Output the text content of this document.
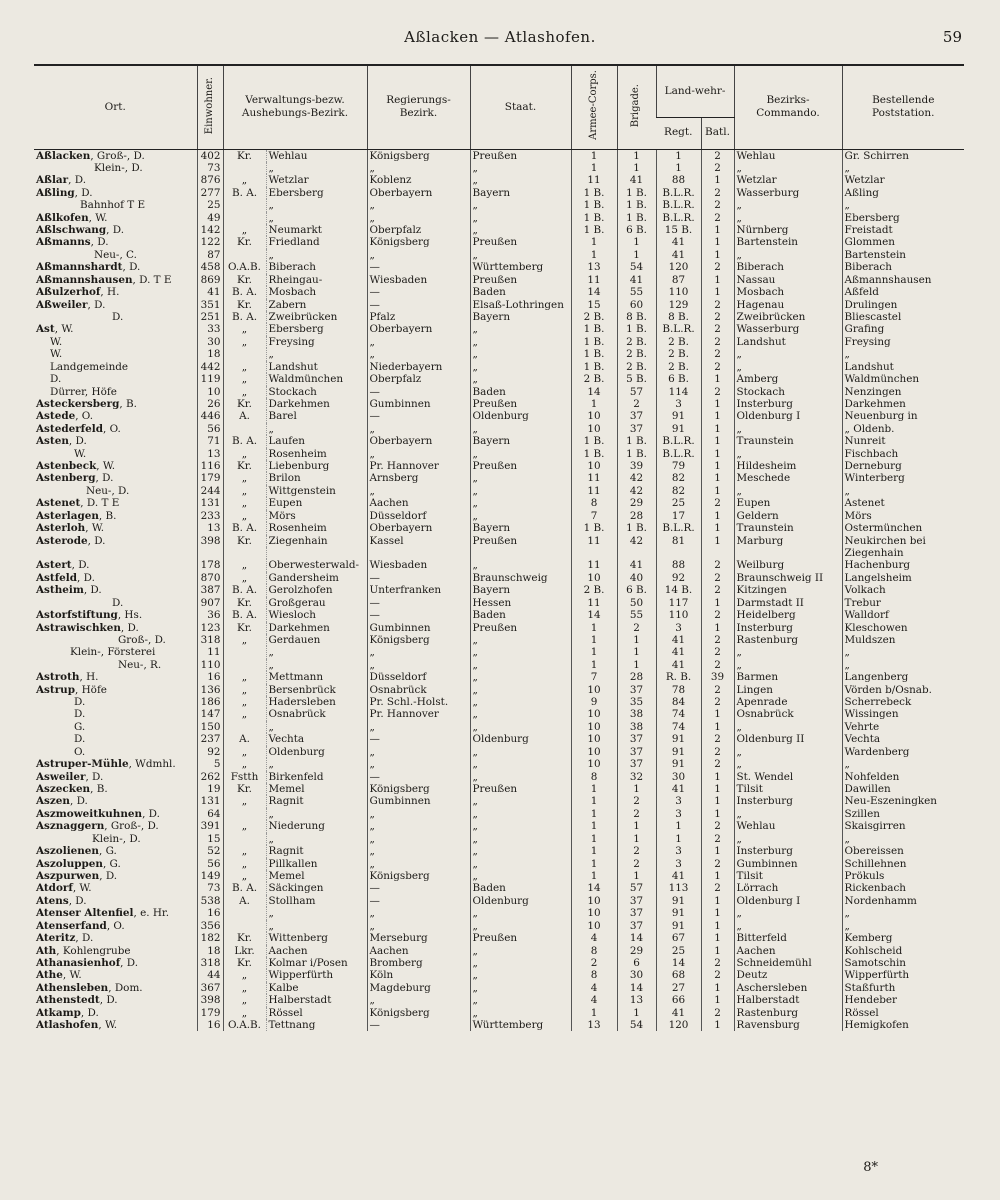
Aßlacken — Atlashofen.	59
Ort.	Einwohner.	Verwaltungs-bezw. Aushebungs-Bezirk.		Regierungs-Bezirk.	Staat.	Armee-Corps.	Brigade.	Land-wehr-		Bezirks-Commando.	Bestellende Poststation.
								Regt.	Batl.		
Aßlacken, Groß-, D.	402	Kr.	Wehlau	Königsberg	Preußen	1	1	1	2	Wehlau	Gr. Schirren
Klein-, D.	73		„	„	„	1	1	1	2	„	„
Aßlar, D.	876	„	Wetzlar	Koblenz	„	11	41	88	1	Wetzlar	Wetzlar
Aßling, D.	277	B. A.	Ebersberg	Oberbayern	Bayern	1 B.	1 B.	B.L.R.	2	Wasserburg	Aßling
Bahnhof T E	25		„	„	„	1 B.	1 B.	B.L.R.	2	„	„
Aßlkofen, W.	49		„	„	„	1 B.	1 B.	B.L.R.	2	„	Ebersberg
Aßlschwang, D.	142	„	Neumarkt	Oberpfalz	„	1 B.	6 B.	15 B.	1	Nürnberg	Freistadt
Aßmanns, D.	122	Kr.	Friedland	Königsberg	Preußen	1	1	41	1	Bartenstein	Glommen
Neu-, C.	87		„	„	„	1	1	41	1	„	Bartenstein
Aßmannshardt, D.	458	O.A.B.	Biberach	—	Württemberg	13	54	120	2	Biberach	Biberach
Aßmannshausen, D. T E	869	Kr.	Rheingau-	Wiesbaden	Preußen	11	41	87	1	Nassau	Aßmannshausen
Aßulzerhof, H.	41	B. A.	Mosbach	—	Baden	14	55	110	1	Mosbach	Aßfeld
Aßweiler, D.	351	Kr.	Zabern	—	Elsaß-Lothringen	15	60	129	2	Hagenau	Drulingen
D.	251	B. A.	Zweibrücken	Pfalz	Bayern	2 B.	8 B.	8 B.	2	Zweibrücken	Bliescastel
Ast, W.	33	„	Ebersberg	Oberbayern	„	1 B.	1 B.	B.L.R.	2	Wasserburg	Grafing
W.	30	„	Freysing	„	„	1 B.	2 B.	2 B.	2	Landshut	Freysing
W.	18		„	„	„	1 B.	2 B.	2 B.	2	„	„
Landgemeinde	442	„	Landshut	Niederbayern	„	1 B.	2 B.	2 B.	2	„	Landshut
D.	119	„	Waldmünchen	Oberpfalz	„	2 B.	5 B.	6 B.	1	Amberg	Waldmünchen
Dürrer, Höfe	10	„	Stockach	—	Baden	14	57	114	2	Stockach	Nenzingen
Asteckersberg, B.	26	Kr.	Darkehmen	Gumbinnen	Preußen	1	2	3	1	Insterburg	Darkehmen
Astede, O.	446	A.	Barel	—	Oldenburg	10	37	91	1	Oldenburg I	Neuenburg in
Astederfeld, O.	56		„	„	„	10	37	91	1	„	„ Oldenb.
Asten, D.	71	B. A.	Laufen	Oberbayern	Bayern	1 B.	1 B.	B.L.R.	1	Traunstein	Nunreit
W.	13	„	Rosenheim	„	„	1 B.	1 B.	B.L.R.	1	„	Fischbach
Astenbeck, W.	116	Kr.	Liebenburg	Pr. Hannover	Preußen	10	39	79	1	Hildesheim	Derneburg
Astenberg, D.	179	„	Brilon	Arnsberg	„	11	42	82	1	Meschede	Winterberg
Neu-, D.	244	„	Wittgenstein	„	„	11	42	82	1	„	„
Astenet, D. T E	131	„	Eupen	Aachen	„	8	29	25	2	Eupen	Astenet
Asterlagen, B.	233	„	Mörs	Düsseldorf	„	7	28	17	1	Geldern	Mörs
Asterloh, W.	13	B. A.	Rosenheim	Oberbayern	Bayern	1 B.	1 B.	B.L.R.	1	Traunstein	Ostermünchen
Asterode, D.	398	Kr.	Ziegenhain	Kassel	Preußen	11	42	81	1	Marburg	Neukirchen bei
											Ziegenhain
Astert, D.	178	„	Oberwesterwald-	Wiesbaden	„	11	41	88	2	Weilburg	Hachenburg
Astfeld, D.	870	„	Gandersheim	—	Braunschweig	10	40	92	2	Braunschweig II	Langelsheim
Astheim, D.	387	B. A.	Gerolzhofen	Unterfranken	Bayern	2 B.	6 B.	14 B.	2	Kitzingen	Volkach
D.	907	Kr.	Großgerau	—	Hessen	11	50	117	1	Darmstadt II	Trebur
Astorfstiftung, Hs.	36	B. A.	Wiesloch	—	Baden	14	55	110	2	Heidelberg	Walldorf
Astrawischken, D.	123	Kr.	Darkehmen	Gumbinnen	Preußen	1	2	3	1	Insterburg	Kleschowen
Groß-, D.	318	„	Gerdauen	Königsberg	„	1	1	41	2	Rastenburg	Muldszen
Klein-, Försterei	11		„	„	„	1	1	41	2	„	„
Neu-, R.	110		„	„	„	1	1	41	2	„	„
Astroth, H.	16	„	Mettmann	Düsseldorf	„	7	28	R. B.	39	Barmen	Langenberg
Astrup, Höfe	136	„	Bersenbrück	Osnabrück	„	10	37	78	2	Lingen	Vörden b/Osnab.
D.	186	„	Hadersleben	Pr. Schl.-Holst.	„	9	35	84	2	Apenrade	Scherrebeck
D.	147	„	Osnabrück	Pr. Hannover	„	10	38	74	1	Osnabrück	Wissingen
G.	150		„	„	„	10	38	74	1	„	Vehrte
D.	237	A.	Vechta	—	Oldenburg	10	37	91	2	Oldenburg II	Vechta
O.	92	„	Oldenburg	„	„	10	37	91	2	„	Wardenberg
Astruper-Mühle, Wdmhl.	5	„	„	„	„	10	37	91	2	„	„
Asweiler, D.	262	Fstth	Birkenfeld	—	„	8	32	30	1	St. Wendel	Nohfelden
Aszecken, B.	19	Kr.	Memel	Königsberg	Preußen	1	1	41	1	Tilsit	Dawillen
Aszen, D.	131	„	Ragnit	Gumbinnen	„	1	2	3	1	Insterburg	Neu-Eszeningken
Aszmoweitkuhnen, D.	64		„	„	„	1	2	3	1	„	Szillen
Asznaggern, Groß-, D.	391	„	Niederung	„	„	1	1	1	2	Wehlau	Skaisgirren
Klein-, D.	15		„	„	„	1	1	1	2	„	„
Aszolienen, G.	52	„	Ragnit	„	„	1	2	3	1	Insterburg	Obereissen
Aszoluppen, G.	56	„	Pillkallen	„	„	1	2	3	2	Gumbinnen	Schillehnen
Aszpurwen, D.	149	„	Memel	Königsberg	„	1	1	41	1	Tilsit	Prökuls
Atdorf, W.	73	B. A.	Säckingen	—	Baden	14	57	113	2	Lörrach	Rickenbach
Atens, D.	538	A.	Stollham	—	Oldenburg	10	37	91	1	Oldenburg I	Nordenhamm
Atenser Altenfiel, e. Hr.	16		„	„	„	10	37	91	1	„	„
Atenserfand, O.	356		„	„	„	10	37	91	1	„	„
Ateritz, D.	182	Kr.	Wittenberg	Merseburg	Preußen	4	14	67	1	Bitterfeld	Kemberg
Ath, Kohlengrube	18	Lkr.	Aachen	Aachen	„	8	29	25	1	Aachen	Kohlscheid
Athanasienhof, D.	318	Kr.	Kolmar i/Posen	Bromberg	„	2	6	14	2	Schneidemühl	Samotschin
Athe, W.	44	„	Wipperfürth	Köln	„	8	30	68	2	Deutz	Wipperfürth
Athensleben, Dom.	367	„	Kalbe	Magdeburg	„	4	14	27	1	Aschersleben	Staßfurth
Athenstedt, D.	398	„	Halberstadt	„	„	4	13	66	1	Halberstadt	Hendeber
Atkamp, D.	179	„	Rössel	Königsberg	„	1	1	41	2	Rastenburg	Rössel
Atlashofen, W.	16	O.A.B.	Tettnang	—	Württemberg	13	54	120	1	Ravensburg	Hemigkofen
8*
